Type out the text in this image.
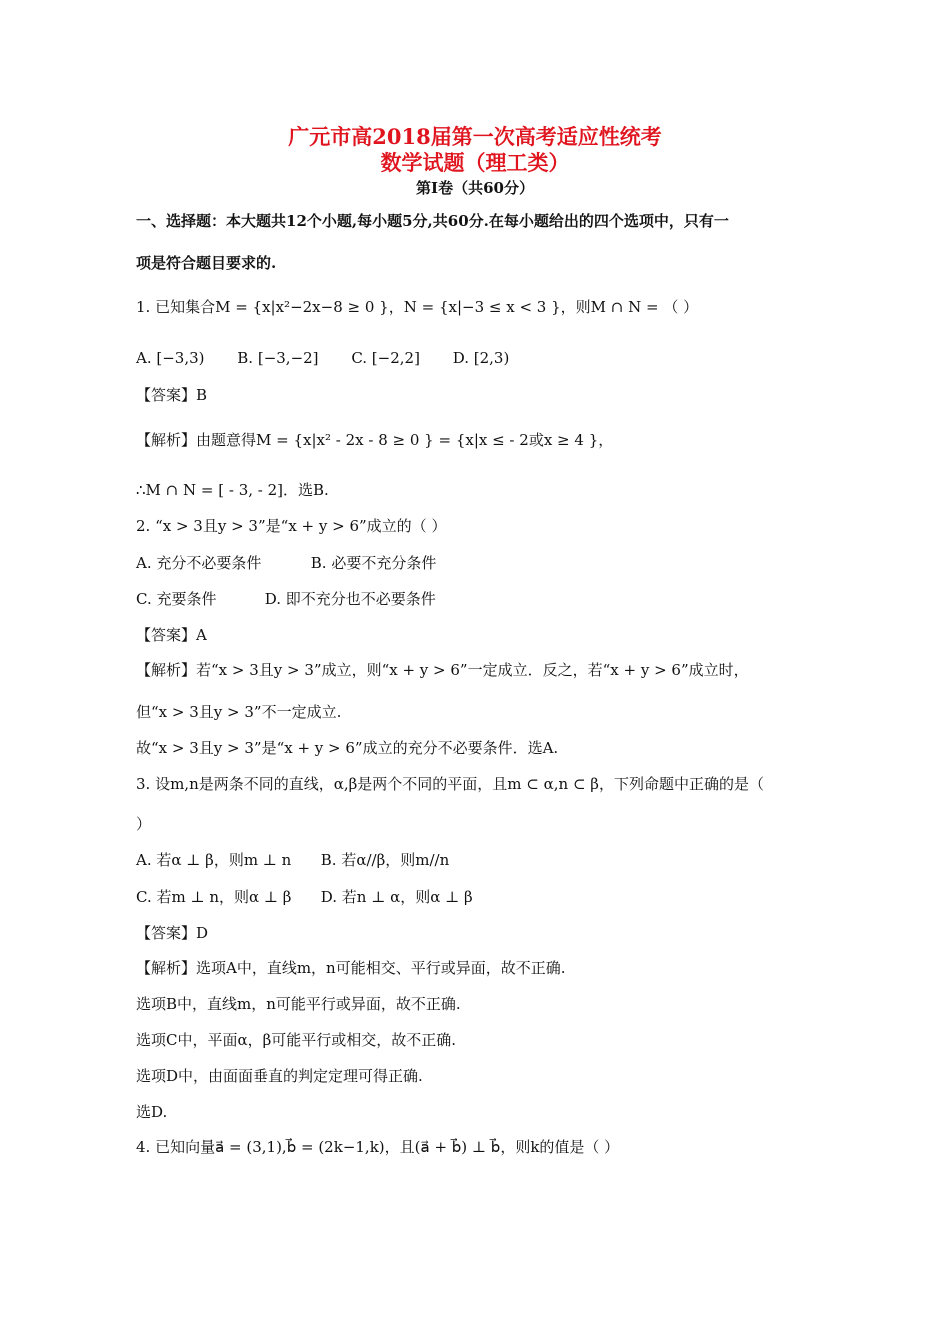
广元市高2018届第一次高考适应性统考
数学试题（理工类）
第Ⅰ卷（共60分）
一、选择题：本大题共12个小题,每小题5分,共60分.在每小题给出的四个选项中，只有一
项是符合题目要求的.
1. 已知集合M = {x|x²−2x−8 ≥ 0 }，N = {x|−3 ≤ x < 3 }，则M ∩ N = （ ）
A. [−3,3) B. [−3,−2] C. [−2,2] D. [2,3)
【答案】B
【解析】由题意得M = {x|x² - 2x - 8 ≥ 0 } = {x|x ≤ - 2或x ≥ 4 }，
∴M ∩ N = [ - 3, - 2]．选B.
2. “x > 3且y > 3”是“x + y > 6”成立的（ ）
A. 充分不必要条件	B. 必要不充分条件
C. 充要条件	D. 即不充分也不必要条件
【答案】A
【解析】若“x > 3且y > 3”成立，则“x + y > 6”一定成立．反之，若“x + y > 6”成立时，
但“x > 3且y > 3”不一定成立.
故“x > 3且y > 3”是“x + y > 6”成立的充分不必要条件．选A.
3. 设m,n是两条不同的直线，α,β是两个不同的平面，且m ⊂ α,n ⊂ β，下列命题中正确的是（
）
A. 若α ⊥ β，则m ⊥ n B. 若α//β，则m//n
C. 若m ⊥ n，则α ⊥ β D. 若n ⊥ α，则α ⊥ β
【答案】D
【解析】选项A中，直线m，n可能相交、平行或异面，故不正确.
选项B中，直线m，n可能平行或异面，故不正确.
选项C中，平面α，β可能平行或相交，故不正确.
选项D中，由面面垂直的判定定理可得正确.
选D.
4. 已知向量a⃗ = (3,1),b⃗ = (2k−1,k)，且(a⃗ + b⃗) ⊥ b⃗，则k的值是（ ）
